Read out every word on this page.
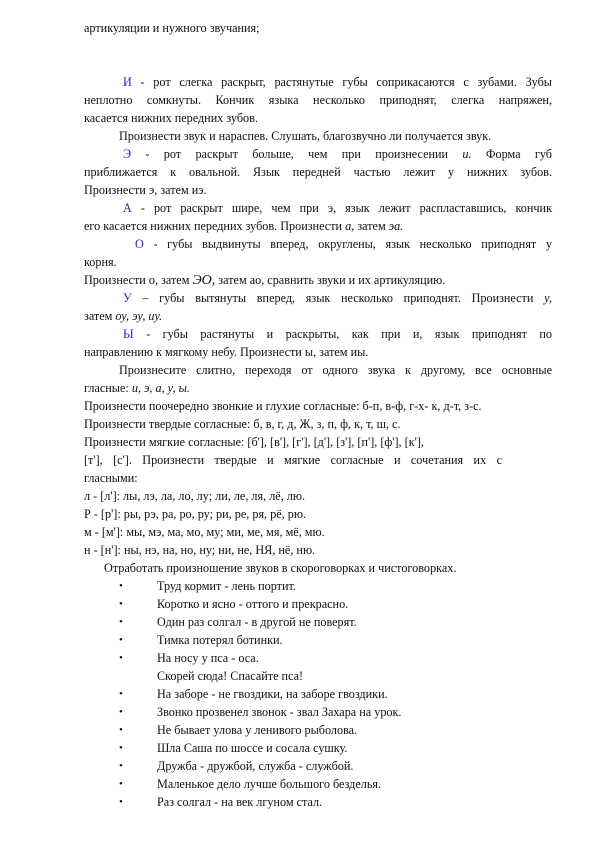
артикуляции и нужного звучания;
И - рот слегка раскрыт, растянутые губы соприкасаются с зубами. Зубы
неплотно сомкнуты. Кончик языка несколько приподнят, слегка напряжен,
касается нижних передних зубов.
Произнести звук и нараспев. Слушать, благозвучно ли получается звук.
Э - рот раскрыт больше, чем при произнесении и. Форма губ
приближается к овальной. Язык передней частью лежит у нижних зубов.
Произнести э, затем иэ.
А - рот раскрыт шире, чем при э, язык лежит распластавшись, кончик
его касается нижних передних зубов. Произнести а, затем эа.
О - губы выдвинуты вперед, округлены, язык несколько приподнят у
корня.
Произнести о, затем ЭО, затем ао, сравнить звуки и их артикуляцию.
У – губы вытянуты вперед, язык несколько приподнят. Произнести у,
затем оу, эу, иу.
Ы - губы растянуты и раскрыты, как при и, язык приподнят по
направлению к мягкому небу. Произнести ы, затем иы.
Произнесите слитно, переходя от одного звука к другому, все основные
гласные: и, э, а, у, ы.
Произнести поочередно звонкие и глухие согласные: б-п, в-ф, г-х- к, д-т, з-с.
Произнести твердые согласные: б, в, г, д, Ж, з, п, ф, к, т, ш, с.
Произнести мягкие согласные: [б'], [в'], [г'], [д'], [з'], [п'], [ф'], [к'],
[т'], [с']. Произнести твердые и мягкие согласные и сочетания их с
гласными:
л - [л']: лы, лэ, ла, ло, лу; ли, ле, ля, лё, лю.
Р - [р']: ры, рэ, ра, ро, ру; ри, ре, ря, рё, рю.
м - [м']: мы, мэ, ма, мо, му; ми, ме, мя, мё, мю.
н - [н']: ны, нэ, на, но, ну; ни, не, НЯ, нё, ню.
Отработать произношение звуков в скороговорках и чистоговорках.
•	Труд кормит - лень портит.
•	Коротко и ясно - оттого и прекрасно.
•	Один раз солгал - в другой не поверят.
•	Тимка потерял ботинки.
•	На носу у пса - оса.
Скорей сюда! Спасайте пса!
•	На заборе - не гвоздики, на заборе гвоздики.
•	Звонко прозвенел звонок - звал Захара на урок.
•	Не бывает улова у ленивого рыболова.
•	Шла Саша по шоссе и сосала сушку.
•	Дружба - дружбой, служба - службой.
•	Маленькое дело лучше большого безделья.
•	Раз солгал - на век лгуном стал.
